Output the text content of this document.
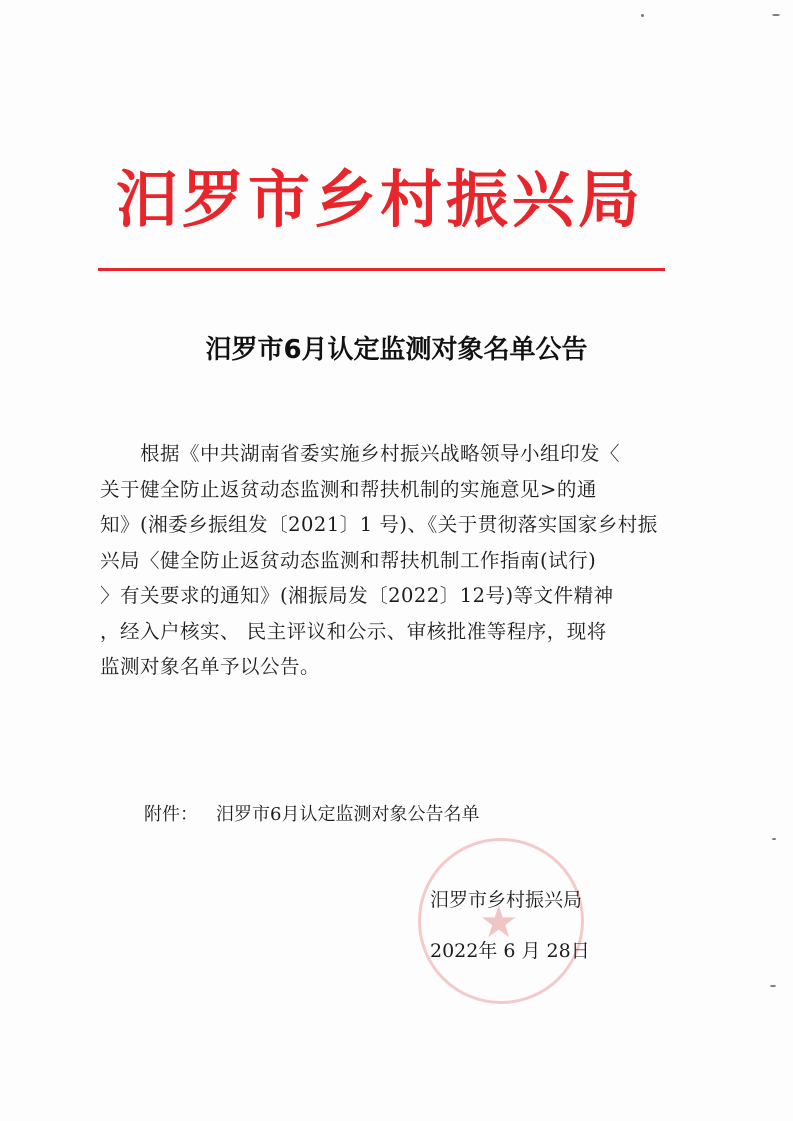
汨罗市乡村振兴局
汨罗市6月认定监测对象名单公告
根据《中共湖南省委实施乡村振兴战略领导小组印发〈
关于健全防止返贫动态监测和帮扶机制的实施意见>的通
知》(湘委乡振组发〔2021〕1 号)、《关于贯彻落实国家乡村振
兴局〈健全防止返贫动态监测和帮扶机制工作指南(试行)
〉有关要求的通知》(湘振局发〔2022〕12号)等文件精神
，经入户核实、 民主评议和公示、审核批准等程序，现将
监测对象名单予以公告。
附件： 汨罗市6月认定监测对象公告名单
★
汨罗市乡村振兴局
2022年 6 月 28日
